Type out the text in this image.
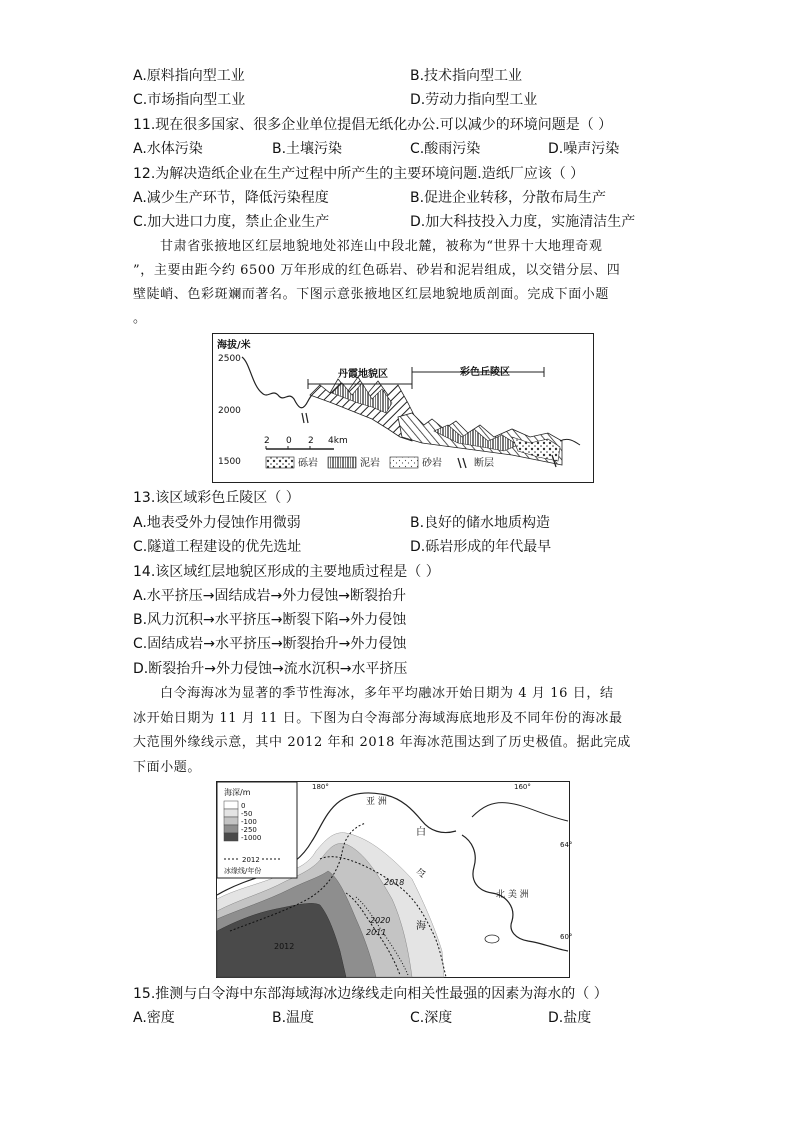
A.原料指向型工业	B.技术指向型工业
C.市场指向型工业	D.劳动力指向型工业
11.现在很多国家、很多企业单位提倡无纸化办公.可以减少的环境问题是（ ）
A.水体污染	B.土壤污染	C.酸雨污染	D.噪声污染
12.为解决造纸企业在生产过程中所产生的主要环境问题.造纸厂应该（ ）
A.减少生产环节，降低污染程度	B.促进企业转移，分散布局生产
C.加大进口力度，禁止企业生产	D.加大科技投入力度，实施清洁生产
甘肃省张掖地区红层地貌地处祁连山中段北麓，被称为“世界十大地理奇观
”，主要由距今约 6500 万年形成的红色砾岩、砂岩和泥岩组成，以交错分层、四
壁陡峭、色彩斑斓而著名。下图示意张掖地区红层地貌地质剖面。完成下面小题
。
海拔/米
2500
2000
1500
丹霞地貌区	彩色丘陵区
2 0 2 4km
砾岩	泥岩	砂岩	断层
13.该区域彩色丘陵区（ ）
A.地表受外力侵蚀作用微弱	B.良好的储水地质构造
C.隧道工程建设的优先选址	D.砾岩形成的年代最早
14.该区域红层地貌区形成的主要地质过程是（ ）
A.水平挤压→固结成岩→外力侵蚀→断裂抬升
B.风力沉积→水平挤压→断裂下陷→外力侵蚀
C.固结成岩→水平挤压→断裂抬升→外力侵蚀
D.断裂抬升→外力侵蚀→流水沉积→水平挤压
白令海海冰为显著的季节性海冰，多年平均融冰开始日期为 4 月 16 日，结
冰开始日期为 11 月 11 日。下图为白令海部分海域海底地形及不同年份的海冰最
大范围外缘线示意，其中 2012 年和 2018 年海冰范围达到了历史极值。据此完成
下面小题。
海深/m
0
-50
-100
-250
-1000
2012
冰缘线/年份
180°	160°
64°
60°
亚 洲
北 美 洲
白
令
海
2018
2020
2011
2012
15.推测与白令海中东部海域海冰边缘线走向相关性最强的因素为海水的（ ）
A.密度	B.温度	C.深度	D.盐度
